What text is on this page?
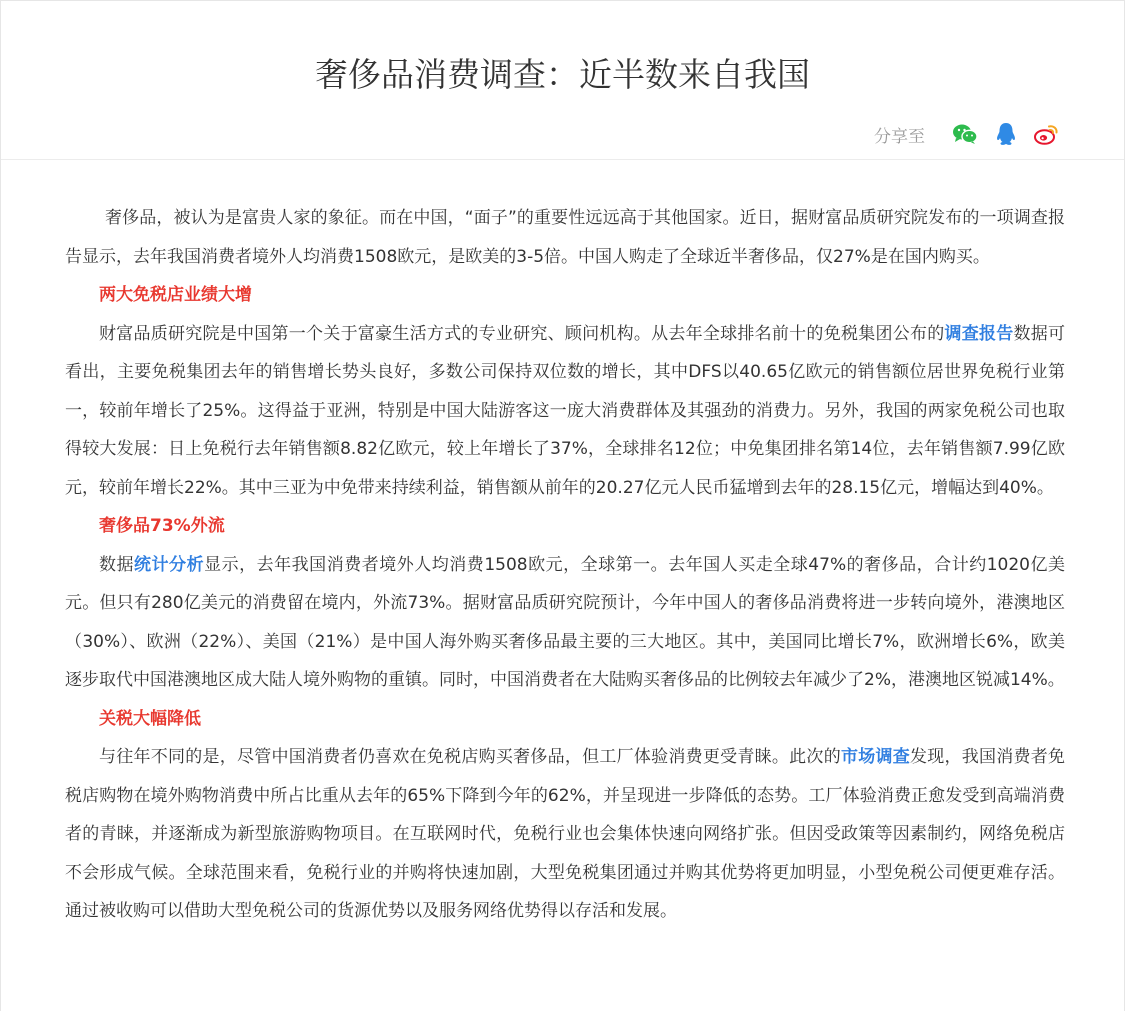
奢侈品消费调查：近半数来自我国
分享至

奢侈品，被认为是富贵人家的象征。而在中国，“面子”的重要性远远高于其他国家。近日，据财富品质研究院发布的一项调查报告显示，去年我国消费者境外人均消费1508欧元，是欧美的3-5倍。中国人购走了全球近半奢侈品，仅27%是在国内购买。

两大免税店业绩大增

财富品质研究院是中国第一个关于富豪生活方式的专业研究、顾问机构。从去年全球排名前十的免税集团公布的调查报告数据可看出，主要免税集团去年的销售增长势头良好，多数公司保持双位数的增长，其中DFS以40.65亿欧元的销售额位居世界免税行业第一，较前年增长了25%。这得益于亚洲，特别是中国大陆游客这一庞大消费群体及其强劲的消费力。另外，我国的两家免税公司也取得较大发展：日上免税行去年销售额8.82亿欧元，较上年增长了37%，全球排名12位；中免集团排名第14位，去年销售额7.99亿欧元，较前年增长22%。其中三亚为中免带来持续利益，销售额从前年的20.27亿元人民币猛增到去年的28.15亿元，增幅达到40%。

奢侈品73%外流

数据统计分析显示，去年我国消费者境外人均消费1508欧元，全球第一。去年国人买走全球47%的奢侈品，合计约1020亿美元。但只有280亿美元的消费留在境内，外流73%。据财富品质研究院预计，今年中国人的奢侈品消费将进一步转向境外，港澳地区（30%）、欧洲（22%）、美国（21%）是中国人海外购买奢侈品最主要的三大地区。其中，美国同比增长7%，欧洲增长6%，欧美逐步取代中国港澳地区成大陆人境外购物的重镇。同时，中国消费者在大陆购买奢侈品的比例较去年减少了2%，港澳地区锐减14%。

关税大幅降低

与往年不同的是，尽管中国消费者仍喜欢在免税店购买奢侈品，但工厂体验消费更受青睐。此次的市场调查发现，我国消费者免税店购物在境外购物消费中所占比重从去年的65%下降到今年的62%，并呈现进一步降低的态势。工厂体验消费正愈发受到高端消费者的青睐，并逐渐成为新型旅游购物项目。在互联网时代，免税行业也会集体快速向网络扩张。但因受政策等因素制约，网络免税店不会形成气候。全球范围来看，免税行业的并购将快速加剧，大型免税集团通过并购其优势将更加明显，小型免税公司便更难存活。通过被收购可以借助大型免税公司的货源优势以及服务网络优势得以存活和发展。
